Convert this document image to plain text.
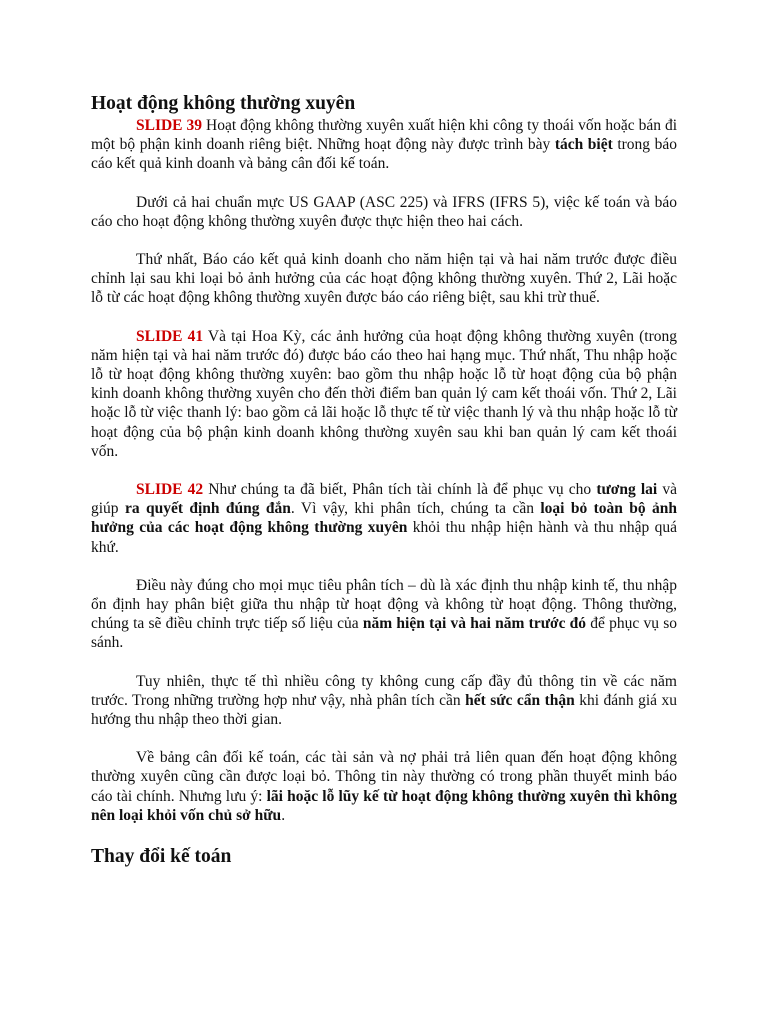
Hoạt động không thường xuyên

SLIDE 39 Hoạt động không thường xuyên xuất hiện khi công ty thoái vốn hoặc bán đi một bộ phận kinh doanh riêng biệt. Những hoạt động này được trình bày tách biệt trong báo cáo kết quả kinh doanh và bảng cân đối kế toán.

Dưới cả hai chuẩn mực US GAAP (ASC 225) và IFRS (IFRS 5), việc kế toán và báo cáo cho hoạt động không thường xuyên được thực hiện theo hai cách.

Thứ nhất, Báo cáo kết quả kinh doanh cho năm hiện tại và hai năm trước được điều chỉnh lại sau khi loại bỏ ảnh hưởng của các hoạt động không thường xuyên. Thứ 2, Lãi hoặc lỗ từ các hoạt động không thường xuyên được báo cáo riêng biệt, sau khi trừ thuế.

SLIDE 41 Và tại Hoa Kỳ, các ảnh hưởng của hoạt động không thường xuyên (trong năm hiện tại và hai năm trước đó) được báo cáo theo hai hạng mục. Thứ nhất, Thu nhập hoặc lỗ từ hoạt động không thường xuyên: bao gồm thu nhập hoặc lỗ từ hoạt động của bộ phận kinh doanh không thường xuyên cho đến thời điểm ban quản lý cam kết thoái vốn. Thứ 2, Lãi hoặc lỗ từ việc thanh lý: bao gồm cả lãi hoặc lỗ thực tế từ việc thanh lý và thu nhập hoặc lỗ từ hoạt động của bộ phận kinh doanh không thường xuyên sau khi ban quản lý cam kết thoái vốn.

SLIDE 42 Như chúng ta đã biết, Phân tích tài chính là để phục vụ cho tương lai và giúp ra quyết định đúng đắn. Vì vậy, khi phân tích, chúng ta cần loại bỏ toàn bộ ảnh hưởng của các hoạt động không thường xuyên khỏi thu nhập hiện hành và thu nhập quá khứ.

Điều này đúng cho mọi mục tiêu phân tích – dù là xác định thu nhập kinh tế, thu nhập ổn định hay phân biệt giữa thu nhập từ hoạt động và không từ hoạt động. Thông thường, chúng ta sẽ điều chỉnh trực tiếp số liệu của năm hiện tại và hai năm trước đó để phục vụ so sánh.

Tuy nhiên, thực tế thì nhiều công ty không cung cấp đầy đủ thông tin về các năm trước. Trong những trường hợp như vậy, nhà phân tích cần hết sức cẩn thận khi đánh giá xu hướng thu nhập theo thời gian.

Về bảng cân đối kế toán, các tài sản và nợ phải trả liên quan đến hoạt động không thường xuyên cũng cần được loại bỏ. Thông tin này thường có trong phần thuyết minh báo cáo tài chính. Nhưng lưu ý: lãi hoặc lỗ lũy kế từ hoạt động không thường xuyên thì không nên loại khỏi vốn chủ sở hữu.

Thay đổi kế toán
